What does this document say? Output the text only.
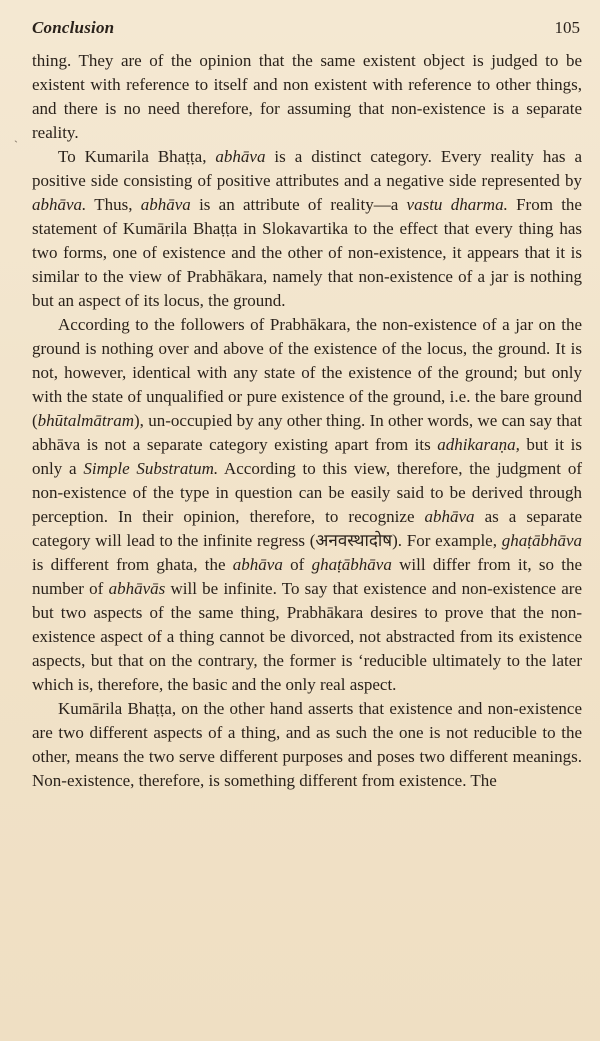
`
Conclusion	105

thing. They are of the opinion that the same existent object is judged to be existent with reference to itself and non existent with reference to other things, and there is no need therefore, for assuming that non-existence is a separate reality.

To Kumarila Bhaṭṭa, abhāva is a distinct category. Every reality has a positive side consisting of positive attributes and a negative side represented by abhāva. Thus, abhāva is an attribute of reality—a vastu dharma. From the statement of Kumārila Bhaṭṭa in Slokavartika to the effect that every thing has two forms, one of existence and the other of non-existence, it appears that it is similar to the view of Prabhākara, namely that non-existence of a jar is nothing but an aspect of its locus, the ground.

According to the followers of Prabhākara, the non-existence of a jar on the ground is nothing over and above of the existence of the locus, the ground. It is not, however, identical with any state of the existence of the ground; but only with the state of unqualified or pure existence of the ground, i.e. the bare ground (bhūtalmātram), un-occupied by any other thing. In other words, we can say that abhāva is not a separate category existing apart from its adhikaraṇa, but it is only a Simple Substratum. According to this view, therefore, the judgment of non-existence of the type in question can be easily said to be derived through perception. In their opinion, therefore, to recognize abhāva as a separate category will lead to the infinite regress (अनवस्थादोष). For example, ghaṭābhāva is different from ghata, the abhāva of ghaṭābhāva will differ from it, so the number of abhāvās will be infinite. To say that existence and non-existence are but two aspects of the same thing, Prabhākara desires to prove that the non-existence aspect of a thing cannot be divorced, not abstracted from its existence aspects, but that on the contrary, the former is ‘reducible ultimately to the later which is, therefore, the basic and the only real aspect.

Kumārila Bhaṭṭa, on the other hand asserts that existence and non-existence are two different aspects of a thing, and as such the one is not reducible to the other, means the two serve different purposes and poses two different meanings. Non-existence, therefore, is something different from existence. The
